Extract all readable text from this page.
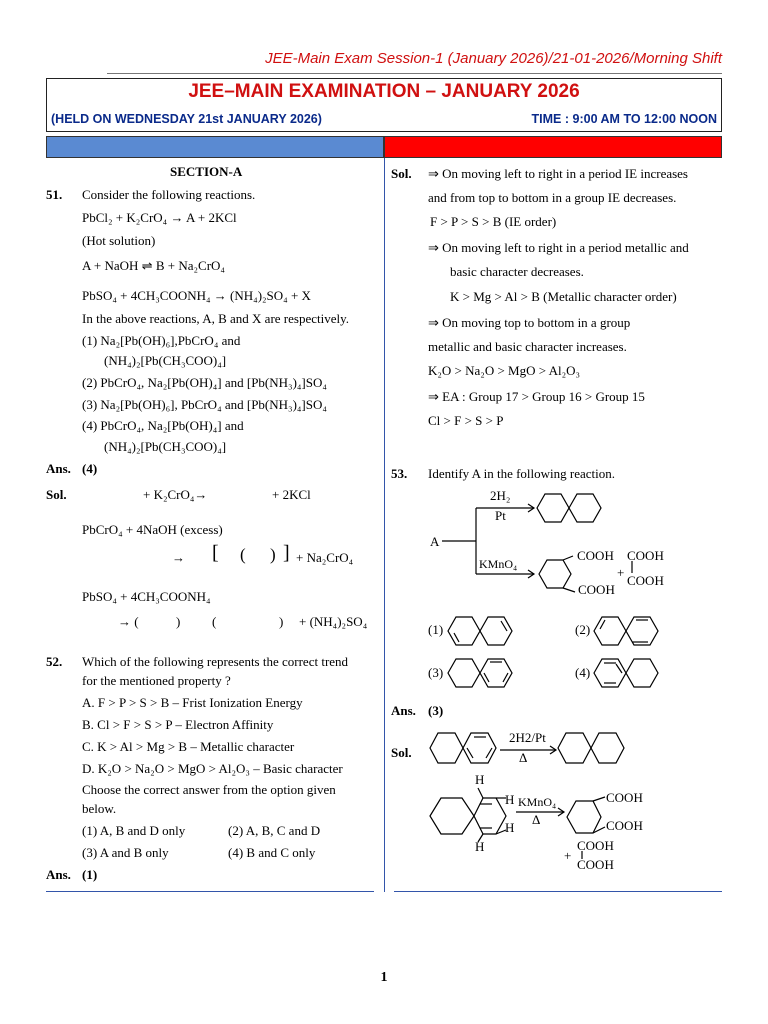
JEE-Main Exam Session-1 (January 2026)/21-01-2026/Morning Shift
JEE–MAIN EXAMINATION – JANUARY 2026
(HELD ON WEDNESDAY 21st JANUARY 2026)	TIME : 9:00 AM TO 12:00 NOON
SECTION-A
51. Consider the following reactions.
PbCl₂ + K₂CrO₄ → A + 2KCl
(Hot solution)
A + NaOH ⇌ B + Na₂CrO₄
PbSO₄ + 4CH₃COONH₄ → (NH₄)₂SO₄ + X
In the above reactions, A, B and X are respectively.
(1) Na₂[Pb(OH)₆],PbCrO₄ and
(NH₄)₂[Pb(CH₃COO)₄]
(2) PbCrO₄, Na₂[Pb(OH)₄] and [Pb(NH₃)₄]SO₄
(3) Na₂[Pb(OH)₆], PbCrO₄ and [Pb(NH₃)₄]SO₄
(4) PbCrO₄, Na₂[Pb(OH)₄] and
(NH₄)₂[Pb(CH₃COO)₄]
Ans. (4)
Sol.	+ K₂CrO₄→	+ 2KCl
PbCrO₄ + 4NaOH (excess)
→ [ ( ) ] + Na₂CrO₄
PbSO₄ + 4CH₃COONH₄
→ (	) (	) + (NH₄)₂SO₄
52. Which of the following represents the correct trend
for the mentioned property ?
A. F > P > S > B – Frist Ionization Energy
B. Cl > F > S > P – Electron Affinity
C. K > Al > Mg > B – Metallic character
D. K₂O > Na₂O > MgO > Al₂O₃ – Basic character
Choose the correct answer from the option given
below.
(1) A, B and D only	(2) A, B, C and D
(3) A and B only	(4) B and C only
Ans. (1)
Sol. ⇒ On moving left to right in a period IE increases
and from top to bottom in a group IE decreases.
F > P > S > B (IE order)
⇒ On moving left to right in a period metallic and
basic character decreases.
K > Mg > Al > B (Metallic character order)
⇒ On moving top to bottom in a group
metallic and basic character increases.
K₂O > Na₂O > MgO > Al₂O₃
⇒ EA : Group 17 > Group 16 > Group 15
Cl > F > S > P
53. Identify A in the following reaction.
A
2H₂
Pt
KMnO₄
COOH
COOH
COOH
COOH
+
(1)	(2)
(3)	(4)
Ans. (3)
Sol.
2H2/Pt
Δ
H
H
H
H
KMnO₄
Δ
COOH
COOH
COOH
COOH
+
1
